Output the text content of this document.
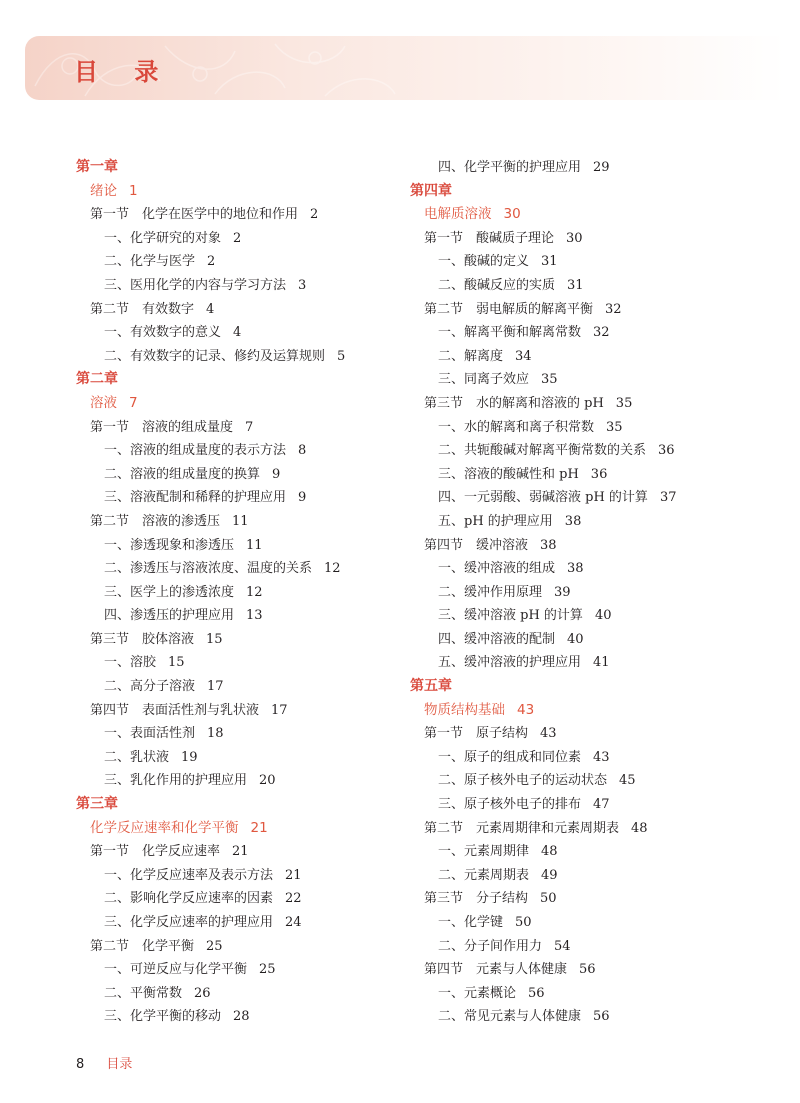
目 录
第一章
绪论 1
第一节　化学在医学中的地位和作用 2
一、化学研究的对象 2
二、化学与医学 2
三、医用化学的内容与学习方法 3
第二节　有效数字 4
一、有效数字的意义 4
二、有效数字的记录、修约及运算规则 5
第二章
溶液 7
第一节　溶液的组成量度 7
一、溶液的组成量度的表示方法 8
二、溶液的组成量度的换算 9
三、溶液配制和稀释的护理应用 9
第二节　溶液的渗透压 11
一、渗透现象和渗透压 11
二、渗透压与溶液浓度、温度的关系 12
三、医学上的渗透浓度 12
四、渗透压的护理应用 13
第三节　胶体溶液 15
一、溶胶 15
二、高分子溶液 17
第四节　表面活性剂与乳状液 17
一、表面活性剂 18
二、乳状液 19
三、乳化作用的护理应用 20
第三章
化学反应速率和化学平衡 21
第一节　化学反应速率 21
一、化学反应速率及表示方法 21
二、影响化学反应速率的因素 22
三、化学反应速率的护理应用 24
第二节　化学平衡 25
一、可逆反应与化学平衡 25
二、平衡常数 26
三、化学平衡的移动 28
四、化学平衡的护理应用 29
第四章
电解质溶液 30
第一节　酸碱质子理论 30
一、酸碱的定义 31
二、酸碱反应的实质 31
第二节　弱电解质的解离平衡 32
一、解离平衡和解离常数 32
二、解离度 34
三、同离子效应 35
第三节　水的解离和溶液的 pH 35
一、水的解离和离子积常数 35
二、共轭酸碱对解离平衡常数的关系 36
三、溶液的酸碱性和 pH 36
四、一元弱酸、弱碱溶液 pH 的计算 37
五、pH 的护理应用 38
第四节　缓冲溶液 38
一、缓冲溶液的组成 38
二、缓冲作用原理 39
三、缓冲溶液 pH 的计算 40
四、缓冲溶液的配制 40
五、缓冲溶液的护理应用 41
第五章
物质结构基础 43
第一节　原子结构 43
一、原子的组成和同位素 43
二、原子核外电子的运动状态 45
三、原子核外电子的排布 47
第二节　元素周期律和元素周期表 48
一、元素周期律 48
二、元素周期表 49
第三节　分子结构 50
一、化学键 50
二、分子间作用力 54
第四节　元素与人体健康 56
一、元素概论 56
二、常见元素与人体健康 56
8 目录
